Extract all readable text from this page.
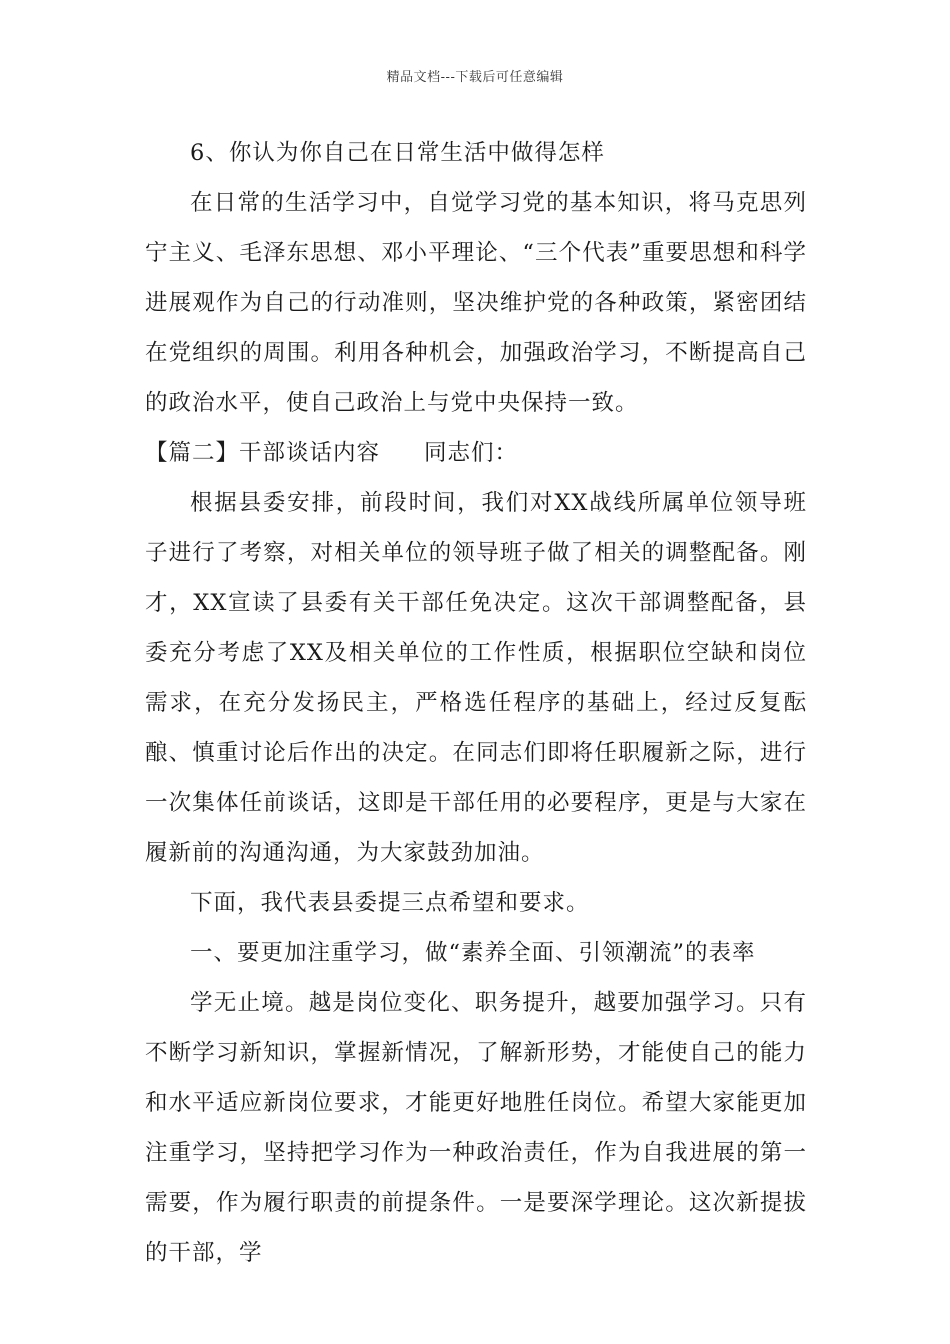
精品文档---下载后可任意编辑

6、你认为你自己在日常生活中做得怎样

在日常的生活学习中，自觉学习党的基本知识，将马克思列宁主义、毛泽东思想、邓小平理论、“三个代表”重要思想和科学进展观作为自己的行动准则，坚决维护党的各种政策，紧密团结在党组织的周围。利用各种机会，加强政治学习，不断提高自己的政治水平，使自己政治上与党中央保持一致。

【篇二】干部谈话内容 同志们：

根据县委安排，前段时间，我们对XX战线所属单位领导班子进行了考察，对相关单位的领导班子做了相关的调整配备。刚才，XX宣读了县委有关干部任免决定。这次干部调整配备，县委充分考虑了XX及相关单位的工作性质，根据职位空缺和岗位需求，在充分发扬民主，严格选任程序的基础上，经过反复酝酿、慎重讨论后作出的决定。在同志们即将任职履新之际，进行一次集体任前谈话，这即是干部任用的必要程序，更是与大家在履新前的沟通沟通，为大家鼓劲加油。

下面，我代表县委提三点希望和要求。

一、要更加注重学习，做“素养全面、引领潮流”的表率

学无止境。越是岗位变化、职务提升，越要加强学习。只有不断学习新知识，掌握新情况，了解新形势，才能使自己的能力和水平适应新岗位要求，才能更好地胜任岗位。希望大家能更加注重学习，坚持把学习作为一种政治责任，作为自我进展的第一需要，作为履行职责的前提条件。一是要深学理论。这次新提拔的干部，学
